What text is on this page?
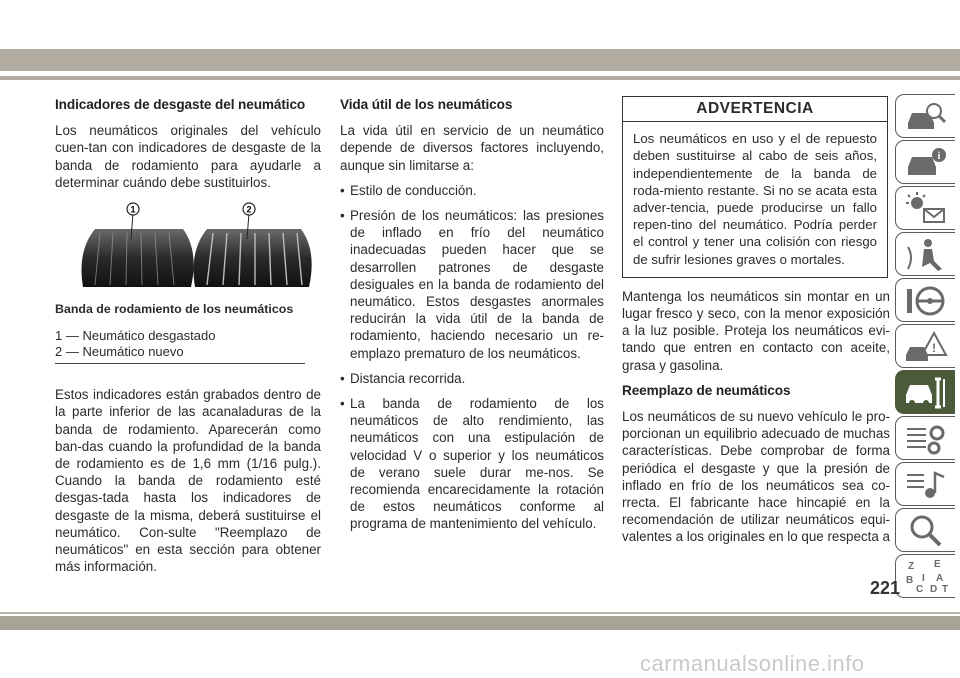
Indicadores de desgaste del neumático

Los neumáticos originales del vehículo cuen-tan con indicadores de desgaste de la banda de rodamiento para ayudarle a determinar cuándo debe sustituirlos.

1	2
Banda de rodamiento de los neumáticos
1 — Neumático desgastado
2 — Neumático nuevo

Estos indicadores están grabados dentro de la parte inferior de las acanaladuras de la banda de rodamiento. Aparecerán como ban-das cuando la profundidad de la banda de rodamiento es de 1,6 mm (1/16 pulg.). Cuando la banda de rodamiento esté desgas-tada hasta los indicadores de desgaste de la misma, deberá sustituirse el neumático. Con-sulte "Reemplazo de neumáticos" en esta sección para obtener más información.

Vida útil de los neumáticos

La vida útil en servicio de un neumático depende de diversos factores incluyendo, aunque sin limitarse a:

• Estilo de conducción.
• Presión de los neumáticos: las presiones de inflado en frío del neumático inadecuadas pueden hacer que se desarrollen patrones de desgaste desiguales en la banda de rodamiento del neumático. Estos desgastes anormales reducirán la vida útil de la banda de rodamiento, haciendo necesario un re-emplazo prematuro de los neumáticos.
• Distancia recorrida.
• La banda de rodamiento de los neumáticos de alto rendimiento, las neumáticos con una estipulación de velocidad V o superior y los neumáticos de verano suele durar me-nos. Se recomienda encarecidamente la rotación de estos neumáticos conforme al programa de mantenimiento del vehículo.
ADVERTENCIA
Los neumáticos en uso y el de repuesto deben sustituirse al cabo de seis años, independientemente de la banda de roda-miento restante. Si no se acata esta adver-tencia, puede producirse un fallo repen-tino del neumático. Podría perder el control y tener una colisión con riesgo de sufrir lesiones graves o mortales.

Mantenga los neumáticos sin montar en un lugar fresco y seco, con la menor exposición a la luz posible. Proteja los neumáticos evi-tando que entren en contacto con aceite, grasa y gasolina.

Reemplazo de neumáticos

Los neumáticos de su nuevo vehículo le pro-porcionan un equilibrio adecuado de muchas características. Debe comprobar de forma periódica el desgaste y que la presión de inflado en frío de los neumáticos sea co-rrecta. El fabricante hace hincapié en la recomendación de utilizar neumáticos equi-valentes a los originales en lo que respecta a

i
!
Z E
B A
C D
I
T
221
carmanualsonline.info
